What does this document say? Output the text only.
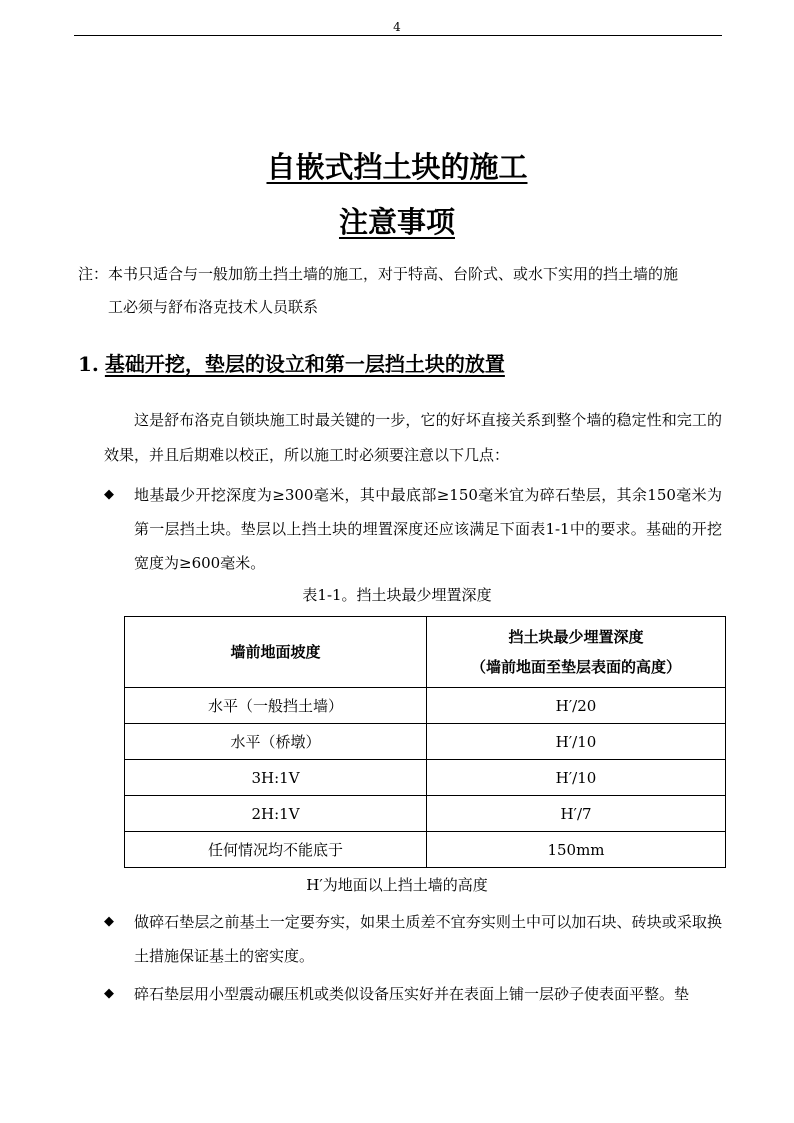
4
自嵌式挡土块的施工
注意事项
注：本书只适合与一般加筋土挡土墙的施工，对于特高、台阶式、或水下实用的挡土墙的施
工必须与舒布洛克技术人员联系
1. 基础开挖，垫层的设立和第一层挡土块的放置
这是舒布洛克自锁块施工时最关键的一步，它的好坏直接关系到整个墙的稳定性和完工的效果，并且后期难以校正，所以施工时必须要注意以下几点：
◆ 地基最少开挖深度为≥300毫米，其中最底部≥150毫米宜为碎石垫层，其余150毫米为第一层挡土块。垫层以上挡土块的埋置深度还应该满足下面表1-1中的要求。基础的开挖宽度为≥600毫米。
表1-1。挡土块最少埋置深度
墙前地面坡度	挡土块最少埋置深度
（墙前地面至垫层表面的高度）

水平（一般挡土墙）	H′/20
水平（桥墩）	H′/10
3H:1V	H′/10
2H:1V	H′/7
任何情况均不能底于	150mm
H′为地面以上挡土墙的高度
◆ 做碎石垫层之前基土一定要夯实，如果土质差不宜夯实则土中可以加石块、砖块或采取换土措施保证基土的密实度。
◆ 碎石垫层用小型震动碾压机或类似设备压实好并在表面上铺一层砂子使表面平整。垫
